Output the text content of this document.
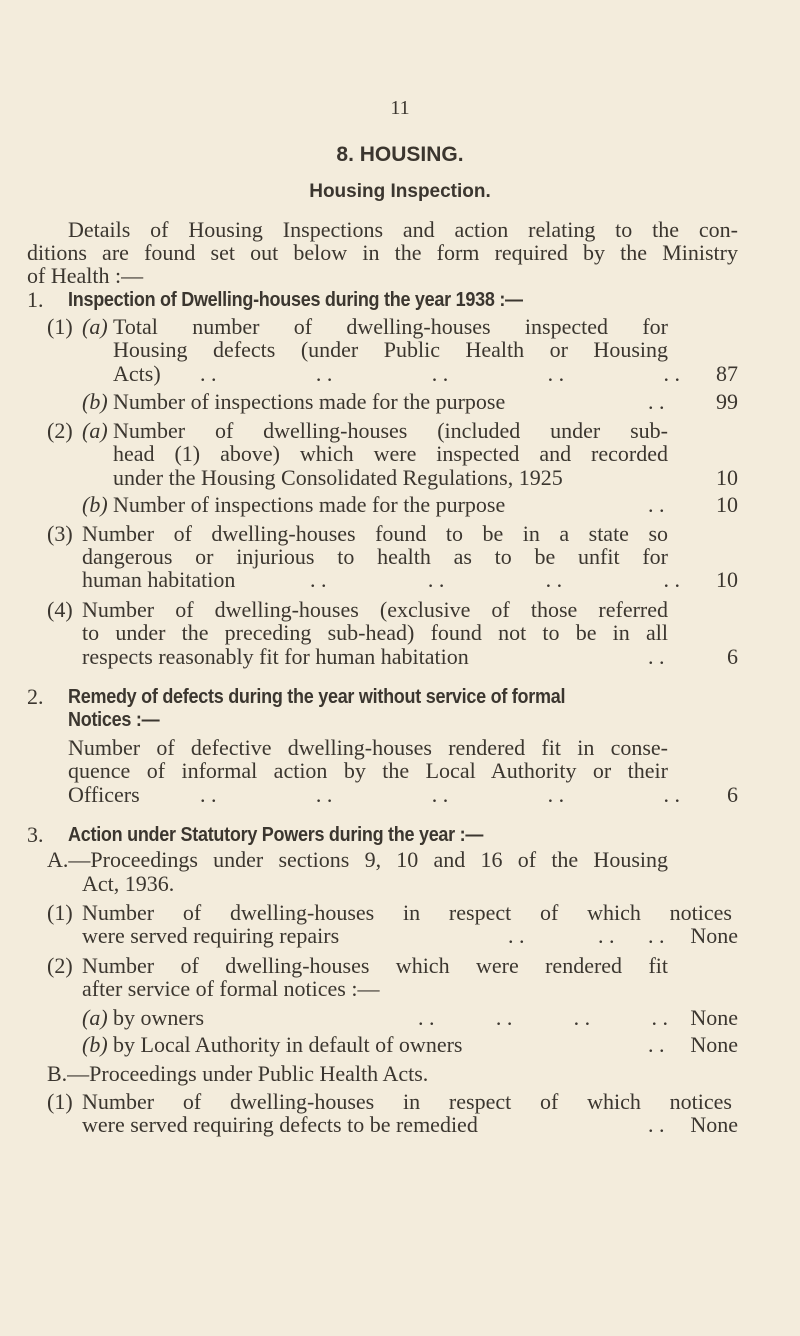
11
8. HOUSING.
Housing Inspection.
Details of Housing Inspections and action relating to the con-
ditions are found set out below in the form required by the Ministry
of Health :—
1. Inspection of Dwelling-houses during the year 1938 :—
(1) (a) Total number of dwelling-houses inspected for
Housing defects (under Public Health or Housing
Acts) . .	. .	. .	. .	. . 87
(b) Number of inspections made for the purpose	. . 99
(2) (a) Number of dwelling-houses (included under sub-
head (1) above) which were inspected and recorded
under the Housing Consolidated Regulations, 1925	10
(b) Number of inspections made for the purpose	. . 10
(3) Number of dwelling-houses found to be in a state so
dangerous or injurious to health as to be unfit for
human habitation	. .	. .	. .	. . 10
(4) Number of dwelling-houses (exclusive of those referred
to under the preceding sub-head) found not to be in all
respects reasonably fit for human habitation	. .	6
2. Remedy of defects during the year without service of formal
Notices :—
Number of defective dwelling-houses rendered fit in conse-
quence of informal action by the Local Authority or their
Officers	. .	. .	. .	. .	. . 6
3. Action under Statutory Powers during the year :—
A.—Proceedings under sections 9, 10 and 16 of the Housing
Act, 1936.
(1) Number of dwelling-houses in respect of which notices
were served requiring repairs	. .	. . . . None
(2) Number of dwelling-houses which were rendered fit
after service of formal notices :—
(a) by owners	. .	. .	. .	. . None
(b) by Local Authority in default of owners	. . None
B.—Proceedings under Public Health Acts.
(1) Number of dwelling-houses in respect of which notices
were served requiring defects to be remedied	. . None
